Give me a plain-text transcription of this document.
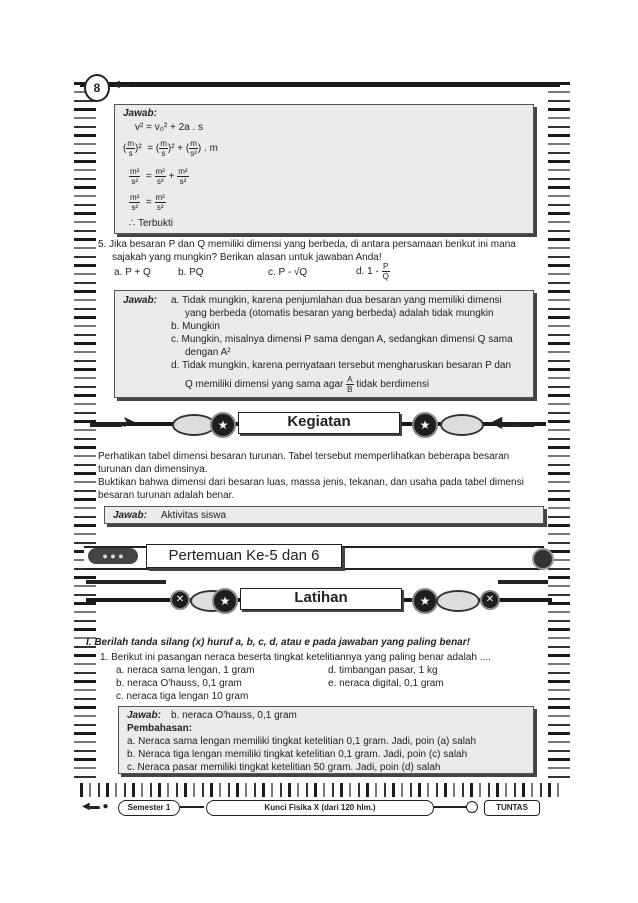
◀▬ ●
8
Jawab:
v² = v₀² + 2a . s
( $\frac{m}{s} )^2$  = ( $\frac{m}{s} )^2$ + ( $\frac{m}{\text{s²}}$ ) . m
$\frac{\text{m²}}{\text{s²}} = \frac{\text{m²}}{\text{s²}} + \frac{\text{m²}}{\text{s²}}$
$\frac{\text{m²}}{\text{s²}} = \frac{\text{m²}}{\text{s²}}$
∴ Terbukti
5. Jika besaran P dan Q memiliki dimensi yang berbeda, di antara persamaan berikut ini mana
sajakah yang mungkin? Berikan alasan untuk jawaban Anda!
a. P + Q	b. PQ	c. P - √Q	d. $1 - \frac{P}{Q}$
Jawab: a. Tidak mungkin, karena penjumlahan dua besaran yang memiliki dimensi
yang berbeda (otomatis besaran yang berbeda) adalah tidak mungkin
b. Mungkin
c. Mungkin, misalnya dimensi P sama dengan A, sedangkan dimensi Q sama
dengan A²
d. Tidak mungkin, karena pernyataan tersebut mengharuskan besaran P dan
Q memiliki dimensi yang sama agar $\frac{A}{B}$ tidak berdimensi
▬▬➤	★	Kegiatan	★	◀▬▬
Perhatikan tabel dimensi besaran turunan. Tabel tersebut memperlihatkan beberapa besaran
turunan dan dimensinya.
Buktikan bahwa dimensi dari besaran luas, massa jenis, tekanan, dan usaha pada tabel dimensi
besaran turunan adalah benar.
Jawab: Aktivitas siswa
● ● ●	Pertemuan Ke-5 dan 6
✕	★	Latihan	★	✕
I. Berilah tanda silang (x) huruf a, b, c, d, atau e pada jawaban yang paling benar!
1. Berikut ini pasangan neraca beserta tingkat ketelitiannya yang paling benar adalah ....
a. neraca sama lengan, 1 gram
b. neraca O'hauss, 0,1 gram
c. neraca tiga lengan 10 gram
d. timbangan pasar, 1 kg
e. neraca digital, 0,1 gram
Jawab: b. neraca O'hauss, 0,1 gram
Pembahasan:
a. Neraca sama lengan memiliki tingkat ketelitian 0,1 gram. Jadi, poin (a) salah
b. Neraca tiga lengan memiliki tingkat ketelitian 0,1 gram. Jadi, poin (c) salah
c. Neraca pasar memiliki tingkat ketelitian 50 gram. Jadi, poin (d) salah
◀▬ ●	Semester 1	Kunci Fisika X (dari 120 hlm.)	TUNTAS
